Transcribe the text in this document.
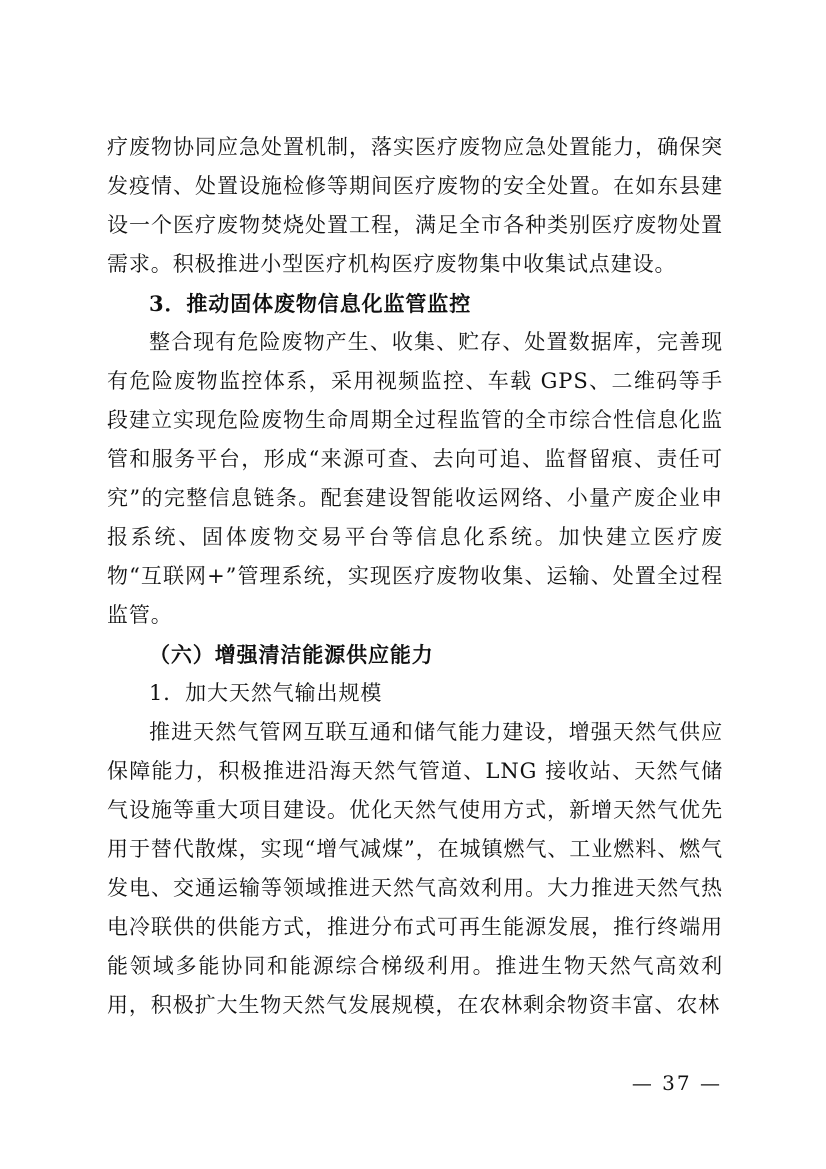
疗废物协同应急处置机制，落实医疗废物应急处置能力，确保突发疫情、处置设施检修等期间医疗废物的安全处置。在如东县建设一个医疗废物焚烧处置工程，满足全市各种类别医疗废物处置需求。积极推进小型医疗机构医疗废物集中收集试点建设。

3．推动固体废物信息化监管监控

整合现有危险废物产生、收集、贮存、处置数据库，完善现有危险废物监控体系，采用视频监控、车载 GPS、二维码等手段建立实现危险废物生命周期全过程监管的全市综合性信息化监管和服务平台，形成“来源可查、去向可追、监督留痕、责任可究”的完整信息链条。配套建设智能收运网络、小量产废企业申报系统、固体废物交易平台等信息化系统。加快建立医疗废物“互联网+”管理系统，实现医疗废物收集、运输、处置全过程监管。

（六）增强清洁能源供应能力
1．加大天然气输出规模

推进天然气管网互联互通和储气能力建设，增强天然气供应保障能力，积极推进沿海天然气管道、LNG 接收站、天然气储气设施等重大项目建设。优化天然气使用方式，新增天然气优先用于替代散煤，实现“增气减煤”，在城镇燃气、工业燃料、燃气发电、交通运输等领域推进天然气高效利用。大力推进天然气热电冷联供的供能方式，推进分布式可再生能源发展，推行终端用能领域多能协同和能源综合梯级利用。推进生物天然气高效利用，积极扩大生物天然气发展规模，在农林剩余物资丰富、农林

— 37 —
